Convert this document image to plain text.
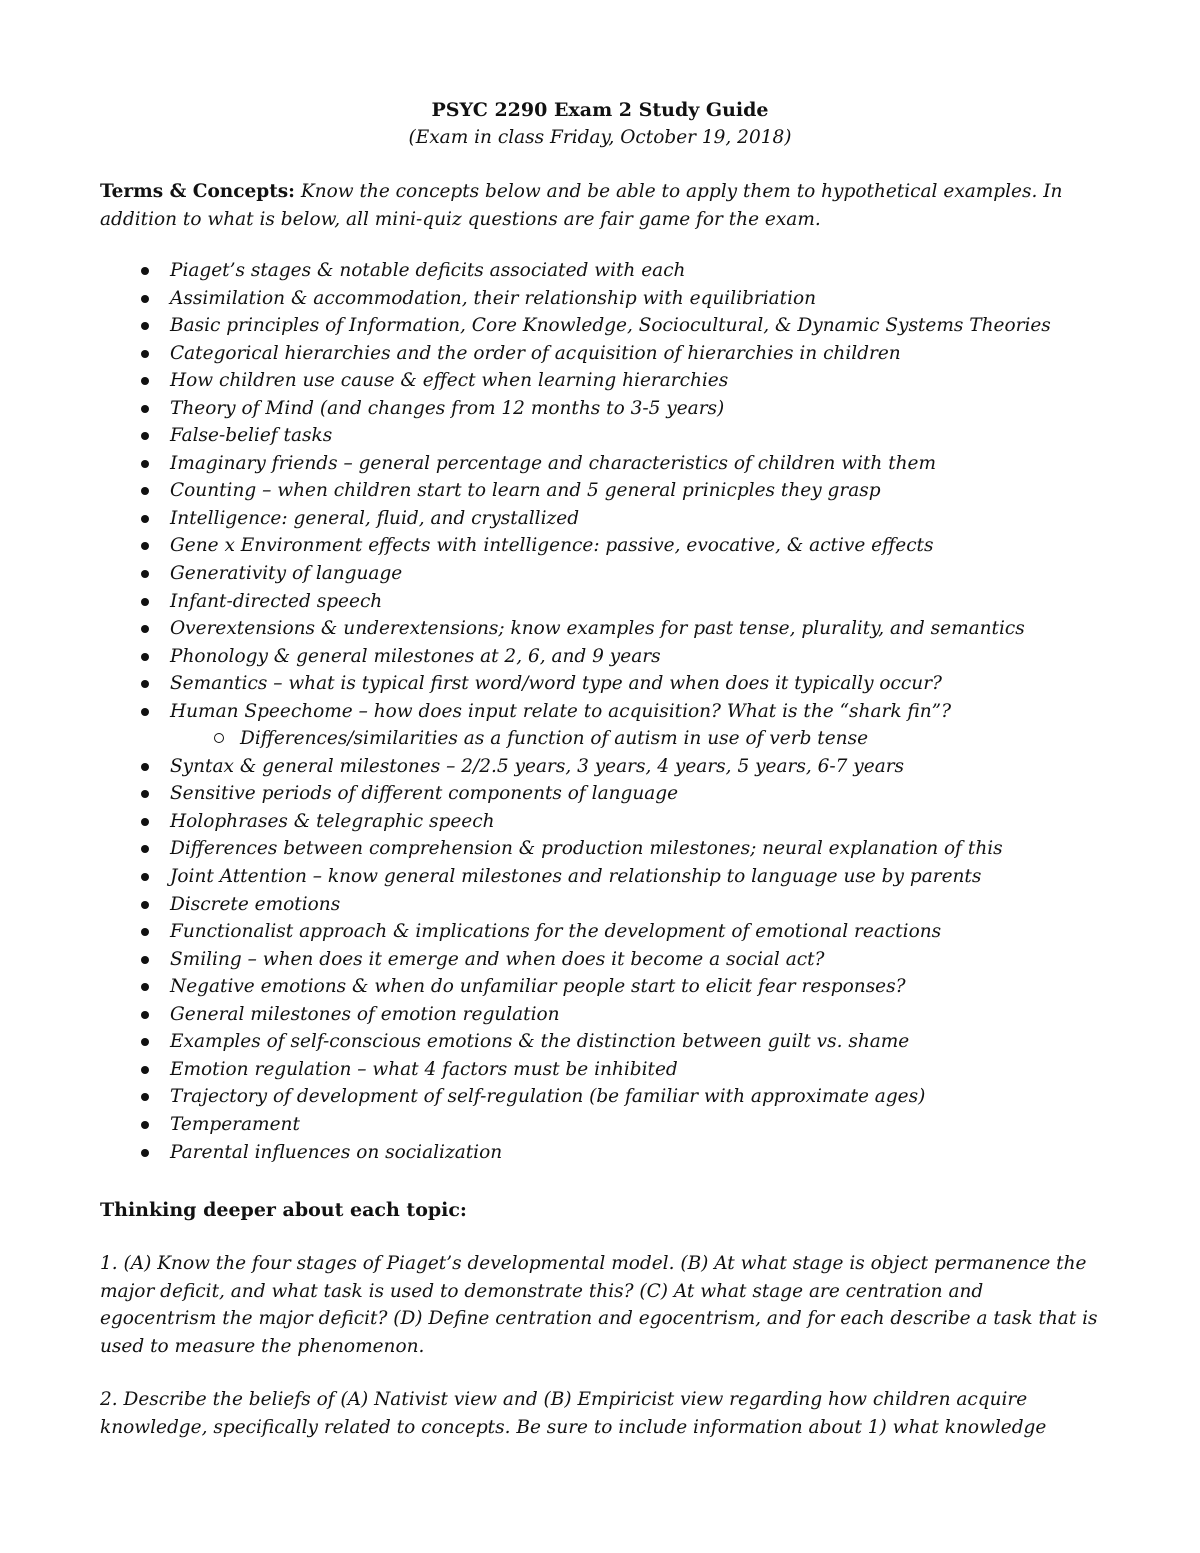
PSYC 2290 Exam 2 Study Guide

(Exam in class Friday, October 19, 2018)

Terms & Concepts: Know the concepts below and be able to apply them to hypothetical examples. In addition to what is below, all mini-quiz questions are fair game for the exam.
Piaget’s stages & notable deficits associated with each
Assimilation & accommodation, their relationship with equilibriation
Basic principles of Information, Core Knowledge, Sociocultural, & Dynamic Systems Theories
Categorical hierarchies and the order of acquisition of hierarchies in children
How children use cause & effect when learning hierarchies
Theory of Mind (and changes from 12 months to 3-5 years)
False-belief tasks
Imaginary friends – general percentage and characteristics of children with them
Counting – when children start to learn and 5 general prinicples they grasp
Intelligence: general, fluid, and crystallized
Gene x Environment effects with intelligence: passive, evocative, & active effects
Generativity of language
Infant-directed speech
Overextensions & underextensions; know examples for past tense, plurality, and semantics
Phonology & general milestones at 2, 6, and 9 years
Semantics – what is typical first word/word type and when does it typically occur?
Human Speechome – how does input relate to acquisition? What is the “shark fin”?
Differences/similarities as a function of autism in use of verb tense
Syntax & general milestones – 2/2.5 years, 3 years, 4 years, 5 years, 6-7 years
Sensitive periods of different components of language
Holophrases & telegraphic speech
Differences between comprehension & production milestones; neural explanation of this
Joint Attention – know general milestones and relationship to language use by parents
Discrete emotions
Functionalist approach & implications for the development of emotional reactions
Smiling – when does it emerge and when does it become a social act?
Negative emotions & when do unfamiliar people start to elicit fear responses?
General milestones of emotion regulation
Examples of self-conscious emotions & the distinction between guilt vs. shame
Emotion regulation – what 4 factors must be inhibited
Trajectory of development of self-regulation (be familiar with approximate ages)
Temperament
Parental influences on socialization
Thinking deeper about each topic:
1. (A) Know the four stages of Piaget’s developmental model. (B) At what stage is object permanence the major deficit, and what task is used to demonstrate this? (C) At what stage are centration and egocentrism the major deficit? (D) Define centration and egocentrism, and for each describe a task that is used to measure the phenomenon.
2. Describe the beliefs of (A) Nativist view and (B) Empiricist view regarding how children acquire knowledge, specifically related to concepts. Be sure to include information about 1) what knowledge
